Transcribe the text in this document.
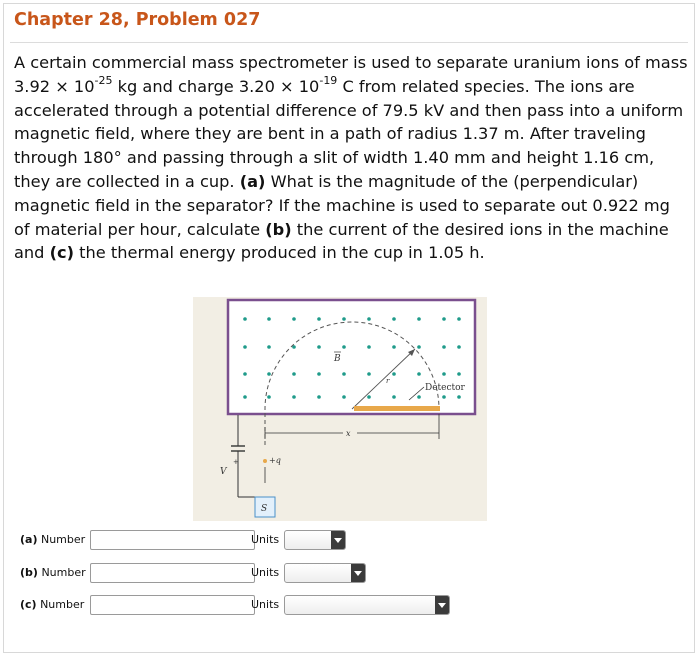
Chapter 28, Problem 027

A certain commercial mass spectrometer is used to separate uranium ions of mass $3.92 \times 10^{-25}$ kg and charge $3.20 \times 10^{-19}$ C from related species. The ions are accelerated through a potential difference of 79.5 kV and then pass into a uniform magnetic field, where they are bent in a path of radius 1.37 m. After traveling through 180° and passing through a slit of width 1.40 mm and height 1.16 cm, they are collected in a cup. (a) What is the magnitude of the (perpendicular) magnetic field in the separator? If the machine is used to separate out 0.922 mg of material per hour, calculate (b) the current of the desired ions in the machine and (c) the thermal energy produced in the cup in 1.05 h.

r
B
Detector
x
V
+	+q
S
(a) Number	Units
(b) Number	Units
(c) Number	Units
